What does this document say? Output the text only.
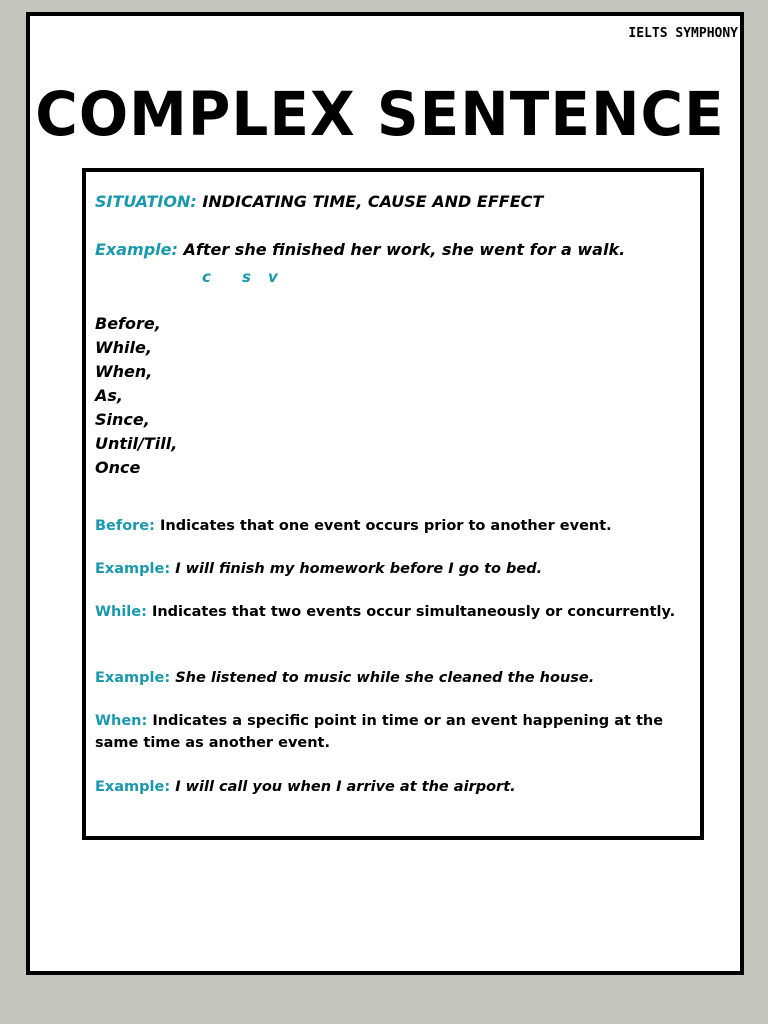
IELTS SYMPHONY
COMPLEX SENTENCE
SITUATION: INDICATING TIME, CAUSE AND EFFECT
Example: After she finished her work, she went for a walk.
c s v
Before,
While,
When,
As,
Since,
Until/Till,
Once
Before: Indicates that one event occurs prior to another event.
Example: I will finish my homework before I go to bed.
While: Indicates that two events occur simultaneously or concurrently.
Example: She listened to music while she cleaned the house.
When: Indicates a specific point in time or an event happening at the same time as another event.
Example: I will call you when I arrive at the airport.
